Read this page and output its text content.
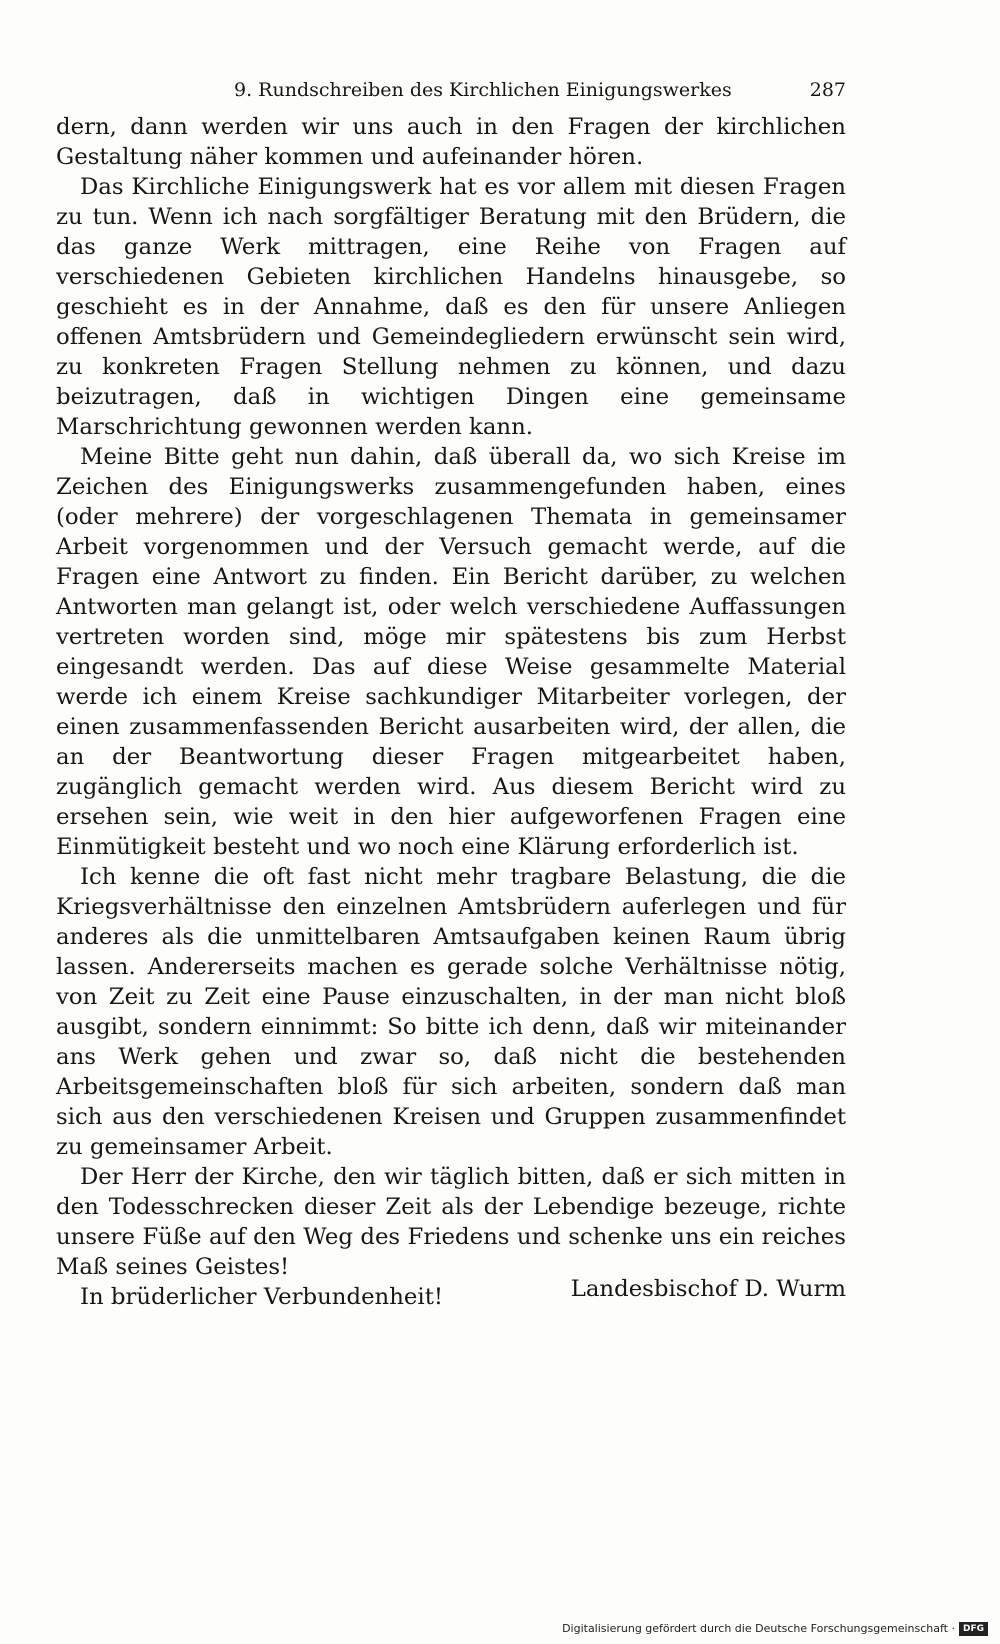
9. Rundschreiben des Kirchlichen Einigungswerkes	287

dern, dann werden wir uns auch in den Fragen der kirchlichen Gestaltung näher kommen und aufeinander hören.

Das Kirchliche Einigungswerk hat es vor allem mit diesen Fragen zu tun. Wenn ich nach sorgfältiger Beratung mit den Brüdern, die das ganze Werk mittragen, eine Reihe von Fragen auf verschiedenen Gebieten kirchlichen Handelns hinausgebe, so geschieht es in der Annahme, daß es den für unsere Anliegen offenen Amtsbrüdern und Gemeindegliedern erwünscht sein wird, zu konkreten Fragen Stellung nehmen zu können, und dazu beizutragen, daß in wichtigen Dingen eine gemeinsame Marschrichtung gewonnen werden kann.

Meine Bitte geht nun dahin, daß überall da, wo sich Kreise im Zeichen des Einigungswerks zusammengefunden haben, eines (oder mehrere) der vorgeschlagenen Themata in gemeinsamer Arbeit vorgenommen und der Versuch gemacht werde, auf die Fragen eine Antwort zu finden. Ein Bericht darüber, zu welchen Antworten man gelangt ist, oder welch verschiedene Auffassungen vertreten worden sind, möge mir spätestens bis zum Herbst eingesandt werden. Das auf diese Weise gesammelte Material werde ich einem Kreise sachkundiger Mitarbeiter vorlegen, der einen zusammenfassenden Bericht ausarbeiten wird, der allen, die an der Beantwortung dieser Fragen mitgearbeitet haben, zugänglich gemacht werden wird. Aus diesem Bericht wird zu ersehen sein, wie weit in den hier aufgeworfenen Fragen eine Einmütigkeit besteht und wo noch eine Klärung erforderlich ist.

Ich kenne die oft fast nicht mehr tragbare Belastung, die die Kriegsverhältnisse den einzelnen Amtsbrüdern auferlegen und für anderes als die unmittelbaren Amtsaufgaben keinen Raum übrig lassen. Andererseits machen es gerade solche Verhältnisse nötig, von Zeit zu Zeit eine Pause einzuschalten, in der man nicht bloß ausgibt, sondern einnimmt: So bitte ich denn, daß wir miteinander ans Werk gehen und zwar so, daß nicht die bestehenden Arbeitsgemeinschaften bloß für sich arbeiten, sondern daß man sich aus den verschiedenen Kreisen und Gruppen zusammenfindet zu gemeinsamer Arbeit.

Der Herr der Kirche, den wir täglich bitten, daß er sich mitten in den Todesschrecken dieser Zeit als der Lebendige bezeuge, richte unsere Füße auf den Weg des Friedens und schenke uns ein reiches Maß seines Geistes!

In brüderlicher Verbundenheit!	Landesbischof D. Wurm
Digitalisierung gefördert durch die Deutsche Forschungsgemeinschaft · DFG
